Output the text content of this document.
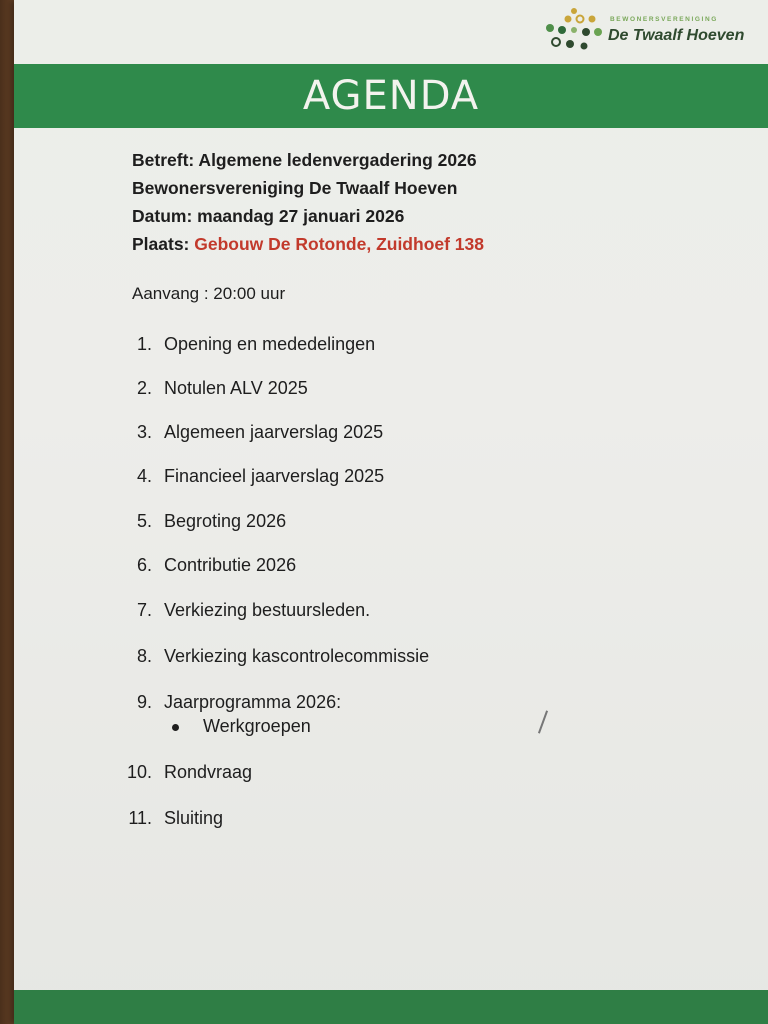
BEWONERSVERENIGING
De Twaalf Hoeven
AGENDA
Betreft: Algemene ledenvergadering 2026
Bewonersvereniging De Twaalf Hoeven
Datum: maandag 27 januari 2026
Plaats: Gebouw De Rotonde, Zuidhoef 138
Aanvang : 20:00 uur
1. Opening en mededelingen
2. Notulen ALV 2025
3. Algemeen jaarverslag 2025
4. Financieel jaarverslag 2025
5. Begroting 2026
6. Contributie 2026
7. Verkiezing bestuursleden.
8. Verkiezing kascontrolecommissie
9. Jaarprogramma 2026:
Werkgroepen
10. Rondvraag
11. Sluiting
